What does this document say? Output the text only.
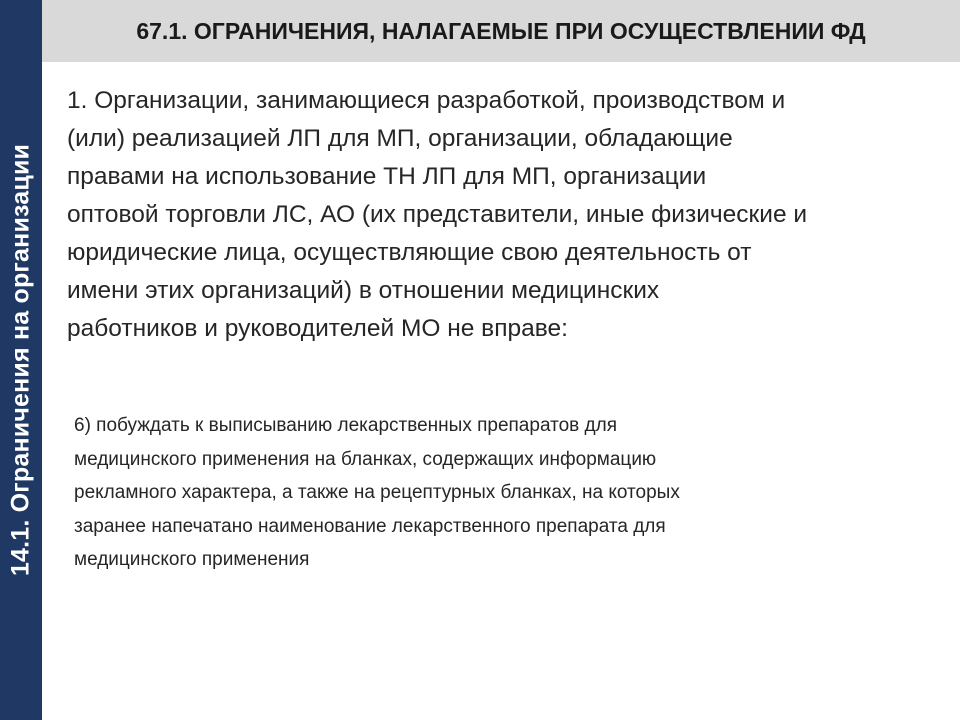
14.1. Ограничения на организации
67.1. ОГРАНИЧЕНИЯ, НАЛАГАЕМЫЕ ПРИ ОСУЩЕСТВЛЕНИИ ФД
1. Организации, занимающиеся разработкой, производством и
(или) реализацией ЛП для МП, организации, обладающие
правами на использование ТН ЛП для МП, организации
оптовой торговли ЛС, АО (их представители, иные физические и
юридические лица, осуществляющие свою деятельность от
имени этих организаций) в отношении медицинских
работников и руководителей МО не вправе:
6) побуждать к выписыванию лекарственных препаратов для
медицинского применения на бланках, содержащих информацию
рекламного характера, а также на рецептурных бланках, на которых
заранее напечатано наименование лекарственного препарата для
медицинского применения
